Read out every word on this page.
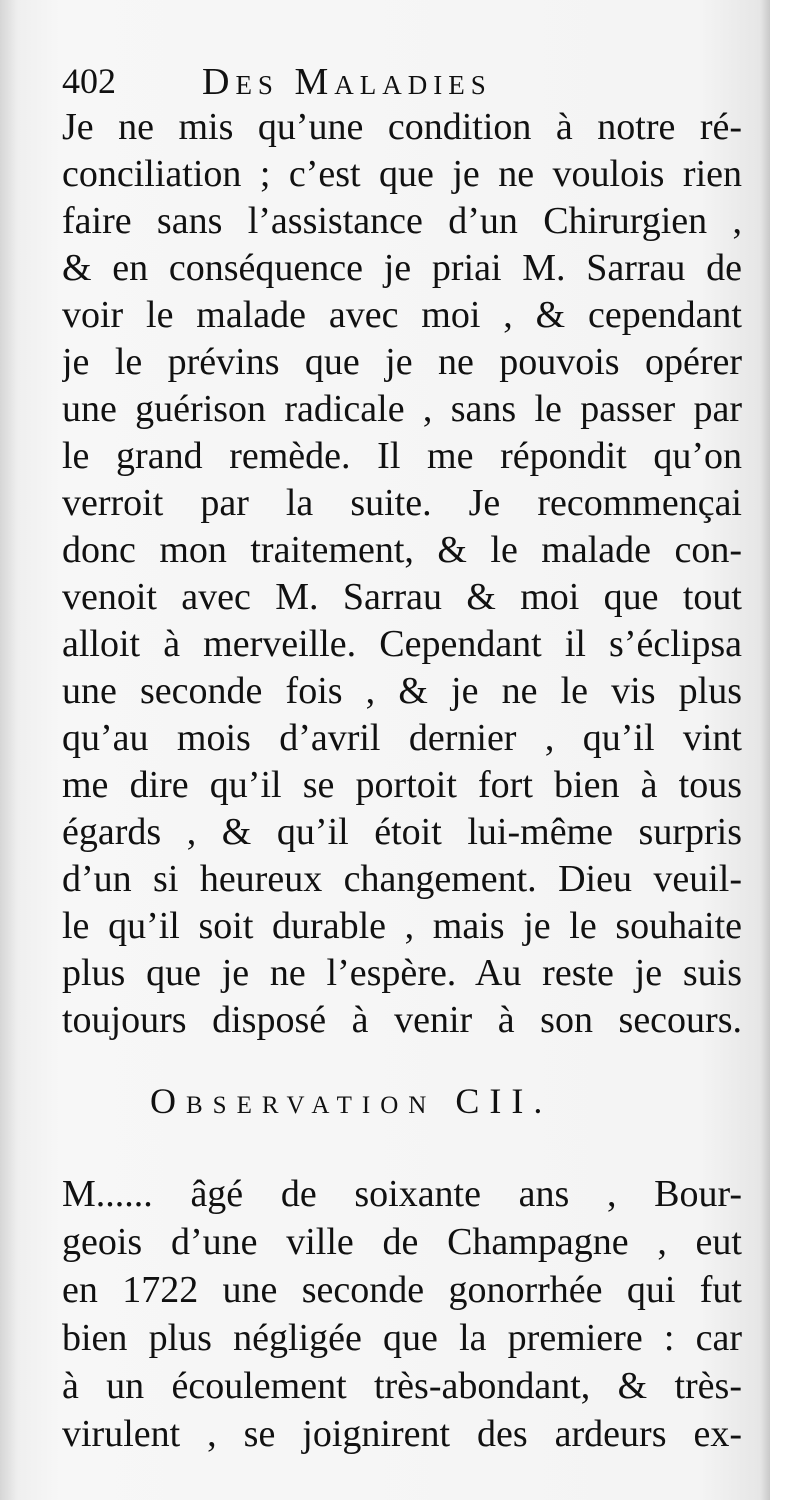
402 Des Maladies
Je ne mis qu’une condition à notre ré-
conciliation ; c’est que je ne voulois rien
faire sans l’assistance d’un Chirurgien ,
& en conséquence je priai M. Sarrau de
voir le malade avec moi , & cependant
je le prévins que je ne pouvois opérer
une guérison radicale , sans le passer par
le grand remède. Il me répondit qu’on
verroit par la suite. Je recommençai
donc mon traitement, & le malade con-
venoit avec M. Sarrau & moi que tout
alloit à merveille. Cependant il s’éclipsa
une seconde fois , & je ne le vis plus
qu’au mois d’avril dernier , qu’il vint
me dire qu’il se portoit fort bien à tous
égards , & qu’il étoit lui-même surpris
d’un si heureux changement. Dieu veuil-
le qu’il soit durable , mais je le souhaite
plus que je ne l’espère. Au reste je suis
toujours disposé à venir à son secours.
Observation CII.
M...... âgé de soixante ans , Bour-
geois d’une ville de Champagne , eut
en 1722 une seconde gonorrhée qui fut
bien plus négligée que la premiere : car
à un écoulement très-abondant, & très-
virulent , se joignirent des ardeurs ex-
